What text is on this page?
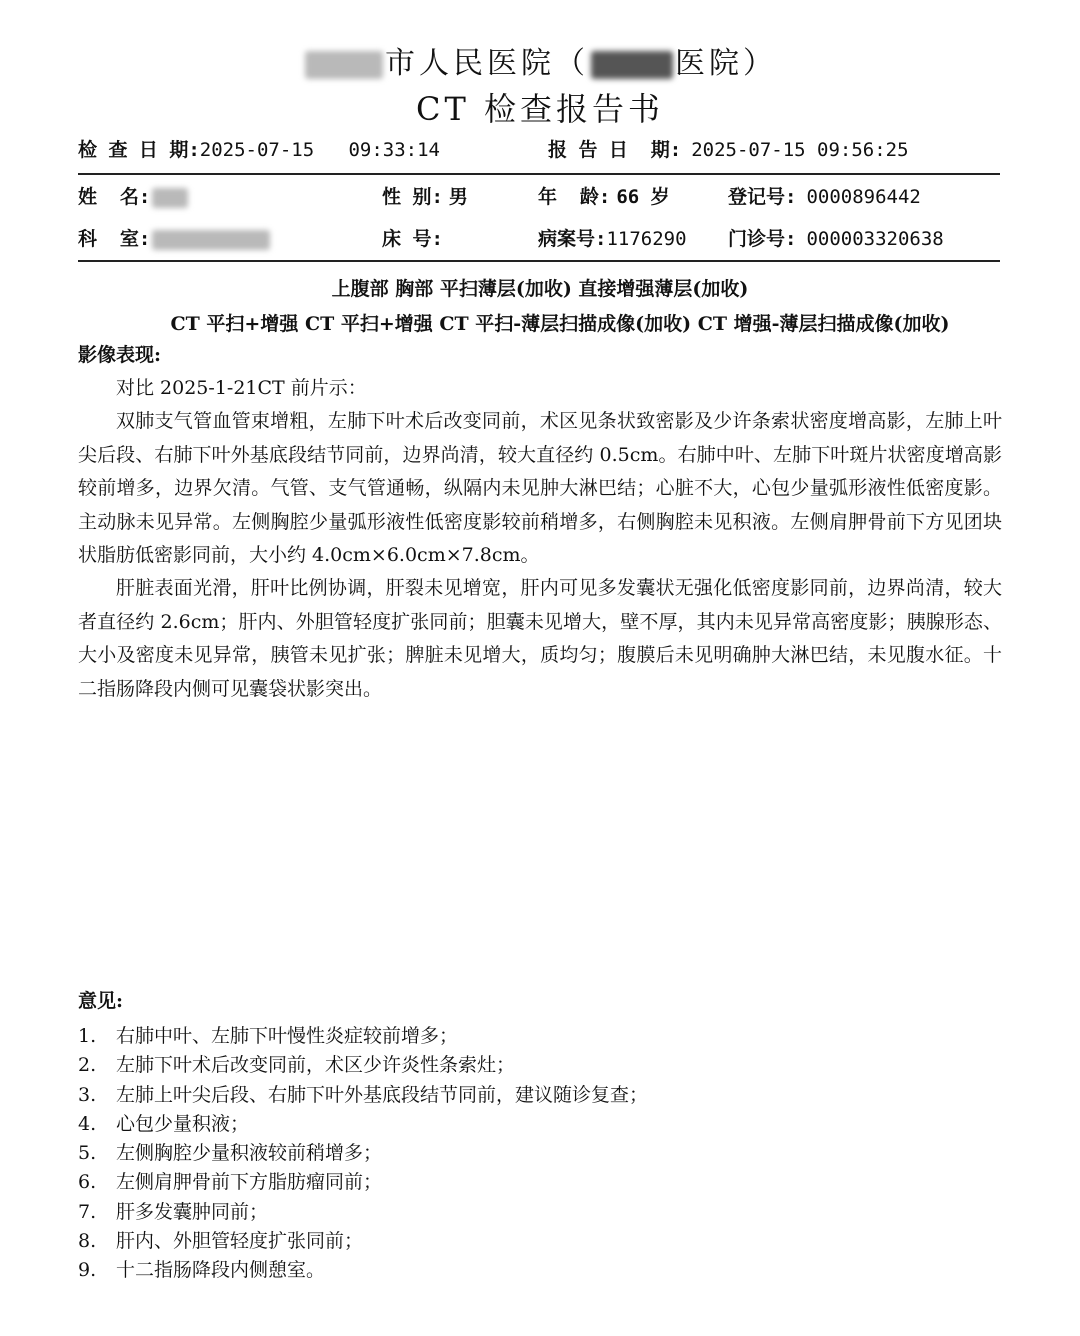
市人民医院（	医院）
CT 检查报告书
检 查 日 期:2025-07-15   09:33:14	报 告 日  期: 2025-07-15 09:56:25
姓  名:	性 别: 男	年  龄: 66 岁	登记号: 0000896442
科  室:	床 号:	病案号:1176290 门诊号: 000003320638
上腹部 胸部 平扫薄层(加收) 直接增强薄层(加收)
CT 平扫+增强 CT 平扫+增强 CT 平扫-薄层扫描成像(加收) CT 增强-薄层扫描成像(加收)
影像表现:

对比 2025-1-21CT 前片示：

双肺支气管血管束增粗，左肺下叶术后改变同前，术区见条状致密影及少许条索状密度增高影，左肺上叶尖后段、右肺下叶外基底段结节同前，边界尚清，较大直径约 0.5cm。右肺中叶、左肺下叶斑片状密度增高影较前增多，边界欠清。气管、支气管通畅，纵隔内未见肿大淋巴结；心脏不大，心包少量弧形液性低密度影。主动脉未见异常。左侧胸腔少量弧形液性低密度影较前稍增多，右侧胸腔未见积液。左侧肩胛骨前下方见团块状脂肪低密影同前，大小约 4.0cm×6.0cm×7.8cm。

肝脏表面光滑，肝叶比例协调，肝裂未见增宽，肝内可见多发囊状无强化低密度影同前，边界尚清，较大者直径约 2.6cm；肝内、外胆管轻度扩张同前；胆囊未见增大，壁不厚，其内未见异常高密度影；胰腺形态、大小及密度未见异常，胰管未见扩张；脾脏未见增大，质均匀；腹膜后未见明确肿大淋巴结，未见腹水征。十二指肠降段内侧可见囊袋状影突出。

意见:
1.	右肺中叶、左肺下叶慢性炎症较前增多；
2.	左肺下叶术后改变同前，术区少许炎性条索灶；
3.	左肺上叶尖后段、右肺下叶外基底段结节同前，建议随诊复查；
4.	心包少量积液；
5.	左侧胸腔少量积液较前稍增多；
6.	左侧肩胛骨前下方脂肪瘤同前；
7.	肝多发囊肿同前；
8.	肝内、外胆管轻度扩张同前；
9.	十二指肠降段内侧憩室。
